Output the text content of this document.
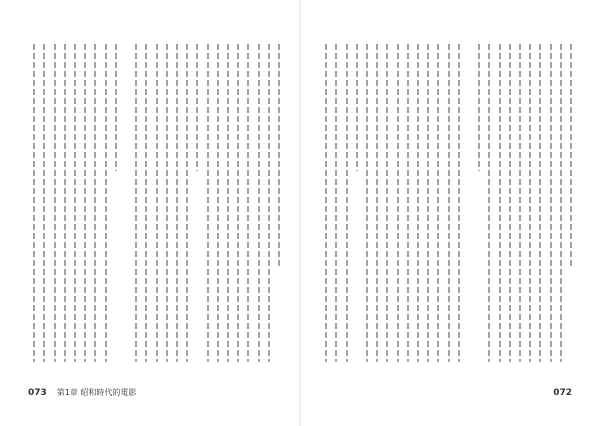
073 第1章 昭和時代的電影	072
